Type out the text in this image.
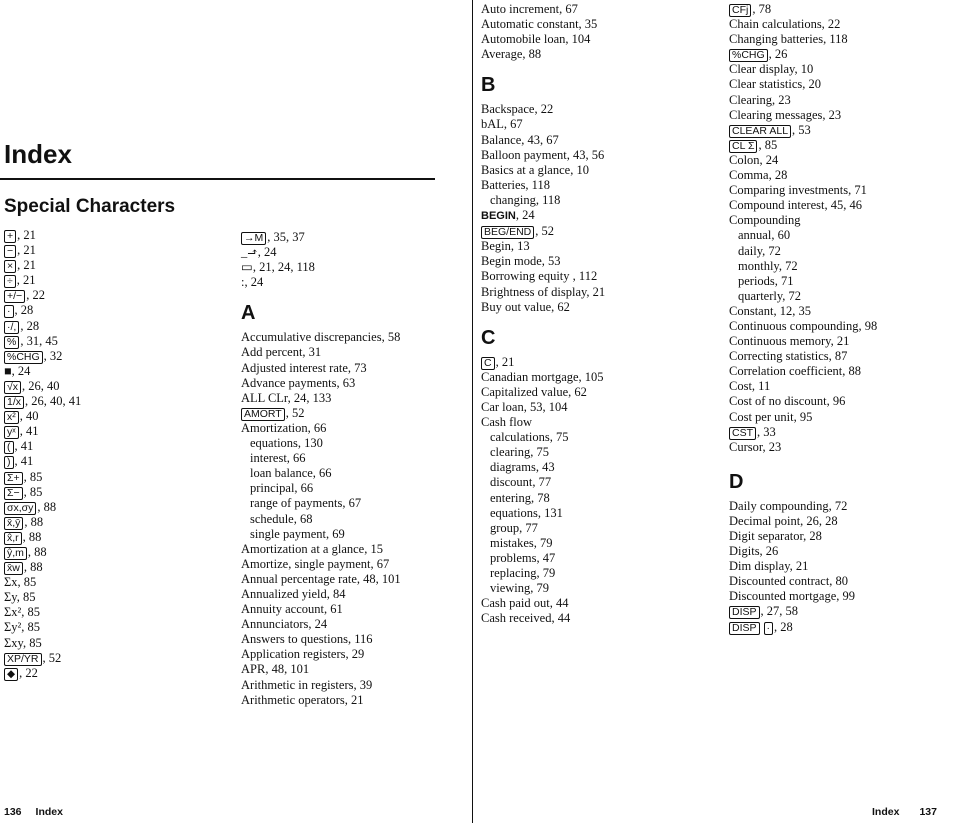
Index
Special Characters
+ , 21
− , 21
× , 21
÷ , 21
+/− , 22
· , 28
·/, , 28
% , 31, 45
%CHG , 32
■, 24
√x , 26, 40
1/x , 26, 40, 41
x² , 40
yˣ , 41
( , 41
) , 41
Σ+ , 85
Σ− , 85
σx,σy , 88
x̄,ȳ , 88
x̂,r , 88
ŷ,m , 88
x̄w , 88
Σx, 85
Σy, 85
Σx², 85
Σy², 85
Σxy, 85
XP/YR , 52
◆ , 22
→M , 35, 37
_⬏, 24
▭, 21, 24, 118
:, 24
A
Accumulative discrepancies, 58
Add percent, 31
Adjusted interest rate, 73
Advance payments, 63
ALL CLr, 24, 133
AMORT , 52
Amortization, 66
equations, 130
interest, 66
loan balance, 66
principal, 66
range of payments, 67
schedule, 68
single payment, 69
Amortization at a glance, 15
Amortize, single payment, 67
Annual percentage rate, 48, 101
Annualized yield, 84
Annuity account, 61
Annunciators, 24
Answers to questions, 116
Application registers, 29
APR, 48, 101
Arithmetic in registers, 39
Arithmetic operators, 21
Auto increment, 67
Automatic constant, 35
Automobile loan, 104
Average, 88
B
Backspace, 22
bAL, 67
Balance, 43, 67
Balloon payment, 43, 56
Basics at a glance, 10
Batteries, 118
changing, 118
BEGIN, 24
BEG/END , 52
Begin, 13
Begin mode, 53
Borrowing equity , 112
Brightness of display, 21
Buy out value, 62
C
C , 21
Canadian mortgage, 105
Capitalized value, 62
Car loan, 53, 104
Cash flow
calculations, 75
clearing, 75
diagrams, 43
discount, 77
entering, 78
equations, 131
group, 77
mistakes, 79
problems, 47
replacing, 79
viewing, 79
Cash paid out, 44
Cash received, 44
CFj , 78
Chain calculations, 22
Changing batteries, 118
%CHG , 26
Clear display, 10
Clear statistics, 20
Clearing, 23
Clearing messages, 23
CLEAR ALL , 53
CL Σ , 85
Colon, 24
Comma, 28
Comparing investments, 71
Compound interest, 45, 46
Compounding
annual, 60
daily, 72
monthly, 72
periods, 71
quarterly, 72
Constant, 12, 35
Continuous compounding, 98
Continuous memory, 21
Correcting statistics, 87
Correlation coefficient, 88
Cost, 11
Cost of no discount, 96
Cost per unit, 95
CST , 33
Cursor, 23
D
Daily compounding, 72
Decimal point, 26, 28
Digit separator, 28
Digits, 26
Dim display, 21
Discounted contract, 80
Discounted mortgage, 99
DISP , 27, 58
DISP · , 28
136 Index	Index 137
